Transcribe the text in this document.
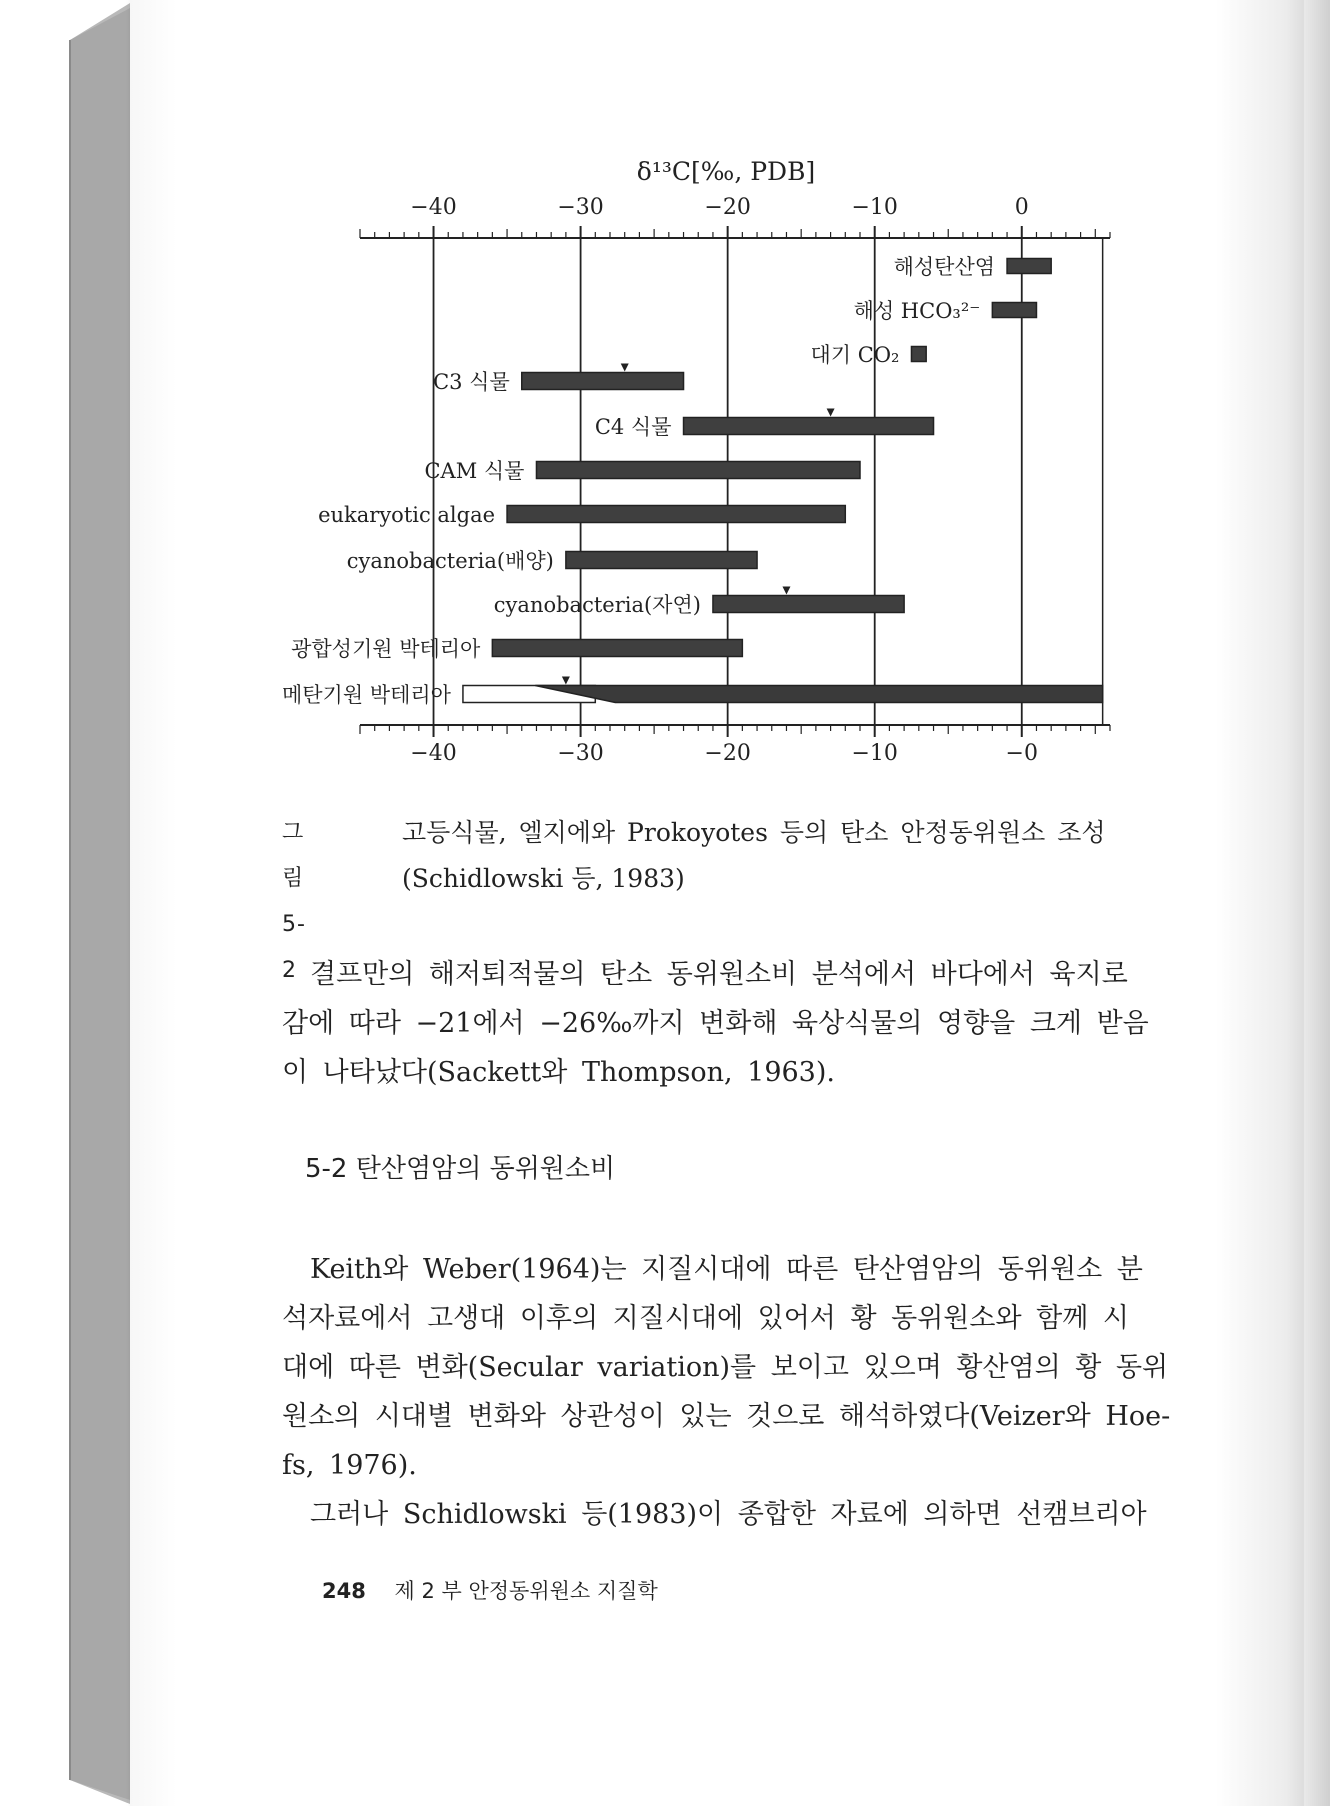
δ¹³C[‰, PDB]
−40	−30	−20	−10	0
−40	−30	−20	−10	−0
해성탄산염
해성 HCO₃²⁻
대기 CO₂
C3 식물
C4 식물
CAM 식물
eukaryotic algae
cyanobacteria(배양)
cyanobacteria(자연)
광합성기원 박테리아
메탄기원 박테리아
그림 5-2
고등식물, 엘지에와 Prokoyotes 등의 탄소 안정동위원소 조성
(Schidlowski 등, 1983)
결프만의 해저퇴적물의 탄소 동위원소비 분석에서 바다에서 육지로
감에 따라 −21에서 −26‰까지 변화해 육상식물의 영향을 크게 받음
이 나타났다(Sackett와 Thompson, 1963).
5-2 탄산염암의 동위원소비
Keith와 Weber(1964)는 지질시대에 따른 탄산염암의 동위원소 분
석자료에서 고생대 이후의 지질시대에 있어서 황 동위원소와 함께 시
대에 따른 변화(Secular variation)를 보이고 있으며 황산염의 황 동위
원소의 시대별 변화와 상관성이 있는 것으로 해석하였다(Veizer와 Hoe-
fs, 1976).
그러나 Schidlowski 등(1983)이 종합한 자료에 의하면 선캠브리아
248 제 2 부 안정동위원소 지질학
